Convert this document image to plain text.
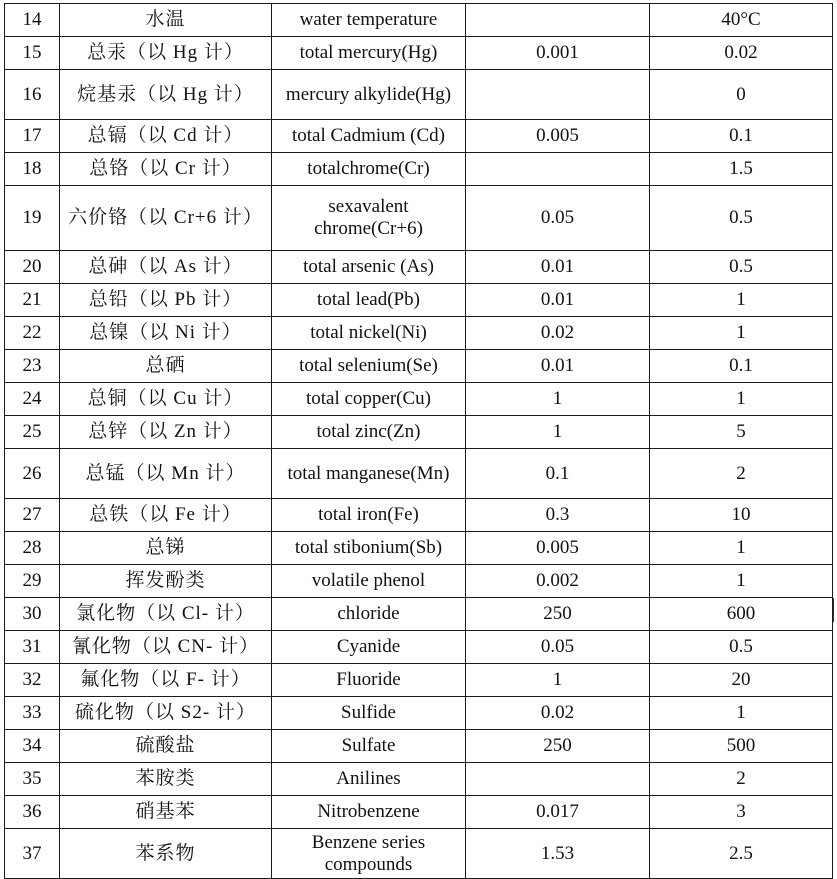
14	水温	water temperature		40°C
15	总汞（以 Hg 计）	total mercury(Hg)	0.001	0.02
16	烷基汞（以 Hg 计）	mercury alkylide(Hg)		0
17	总镉（以 Cd 计）	total Cadmium (Cd)	0.005	0.1
18	总铬（以 Cr 计）	totalchrome(Cr)		1.5
19	六价铬（以 Cr+6 计）	sexavalent chrome(Cr+6)	0.05	0.5
20	总砷（以 As 计）	total arsenic (As)	0.01	0.5
21	总铅（以 Pb 计）	total lead(Pb)	0.01	1
22	总镍（以 Ni 计）	total nickel(Ni)	0.02	1
23	总硒	total selenium(Se)	0.01	0.1
24	总铜（以 Cu 计）	total copper(Cu)	1	1
25	总锌（以 Zn 计）	total zinc(Zn)	1	5
26	总锰（以 Mn 计）	total manganese(Mn)	0.1	2
27	总铁（以 Fe 计）	total iron(Fe)	0.3	10
28	总锑	total stibonium(Sb)	0.005	1
29	挥发酚类	volatile phenol	0.002	1
30	氯化物（以 Cl- 计）	chloride	250	600
31	氰化物（以 CN- 计）	Cyanide	0.05	0.5
32	氟化物（以 F- 计）	Fluoride	1	20
33	硫化物（以 S2- 计）	Sulfide	0.02	1
34	硫酸盐	Sulfate	250	500
35	苯胺类	Anilines		2
36	硝基苯	Nitrobenzene	0.017	3
37	苯系物	Benzene series compounds	1.53	2.5
